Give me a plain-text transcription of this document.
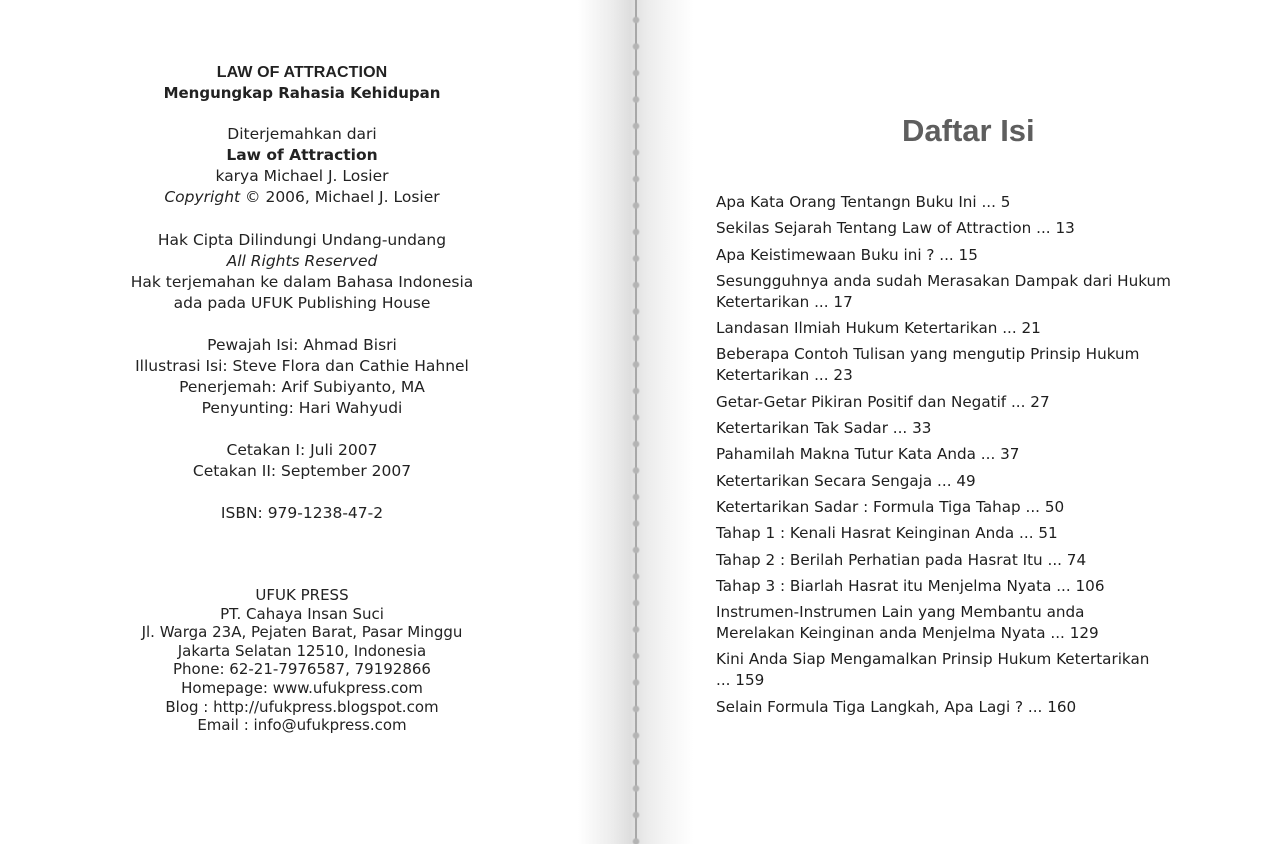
LAW OF ATTRACTION
Mengungkap Rahasia Kehidupan
Diterjemahkan dari
Law of Attraction
karya Michael J. Losier
Copyright © 2006, Michael J. Losier
Hak Cipta Dilindungi Undang-undang
All Rights Reserved
Hak terjemahan ke dalam Bahasa Indonesia
ada pada UFUK Publishing House
Pewajah Isi: Ahmad Bisri
Illustrasi Isi: Steve Flora dan Cathie Hahnel
Penerjemah: Arif Subiyanto, MA
Penyunting: Hari Wahyudi
Cetakan I: Juli 2007
Cetakan II: September 2007
ISBN: 979-1238-47-2
UFUK PRESS
PT. Cahaya Insan Suci
Jl. Warga 23A, Pejaten Barat, Pasar Minggu
Jakarta Selatan 12510, Indonesia
Phone: 62-21-7976587, 79192866
Homepage: www.ufukpress.com
Blog : http://ufukpress.blogspot.com
Email : info@ufukpress.com
Daftar Isi
Apa Kata Orang Tentangn Buku Ini ... 5
Sekilas Sejarah Tentang Law of Attraction ... 13
Apa Keistimewaan Buku ini ? ... 15
Sesungguhnya anda sudah Merasakan Dampak dari Hukum
Ketertarikan ... 17
Landasan Ilmiah Hukum Ketertarikan ... 21
Beberapa Contoh Tulisan yang mengutip Prinsip Hukum
Ketertarikan ... 23
Getar-Getar Pikiran Positif dan Negatif ... 27
Ketertarikan Tak Sadar ... 33
Pahamilah Makna Tutur Kata Anda ... 37
Ketertarikan Secara Sengaja ... 49
Ketertarikan Sadar : Formula Tiga Tahap ... 50
Tahap 1 : Kenali Hasrat Keinginan Anda ... 51
Tahap 2 : Berilah Perhatian pada Hasrat Itu ... 74
Tahap 3 : Biarlah Hasrat itu Menjelma Nyata ... 106
Instrumen-Instrumen Lain yang Membantu anda
Merelakan Keinginan anda Menjelma Nyata ... 129
Kini Anda Siap Mengamalkan Prinsip Hukum Ketertarikan
... 159
Selain Formula Tiga Langkah, Apa Lagi ? ... 160
